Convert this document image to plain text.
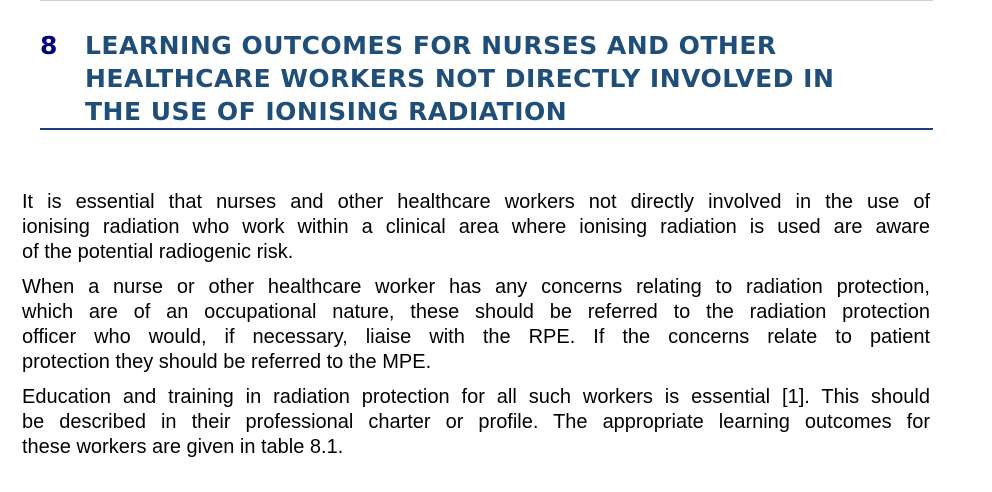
8 LEARNING OUTCOMES FOR NURSES AND OTHER
HEALTHCARE WORKERS NOT DIRECTLY INVOLVED IN
THE USE OF IONISING RADIATION

It is essential that nurses and other healthcare workers not directly involved in the use of
ionising radiation who work within a clinical area where ionising radiation is used are aware
of the potential radiogenic risk.

When a nurse or other healthcare worker has any concerns relating to radiation protection,
which are of an occupational nature, these should be referred to the radiation protection
officer who would, if necessary, liaise with the RPE. If the concerns relate to patient
protection they should be referred to the MPE.

Education and training in radiation protection for all such workers is essential [1]. This should
be described in their professional charter or profile. The appropriate learning outcomes for
these workers are given in table 8.1.
